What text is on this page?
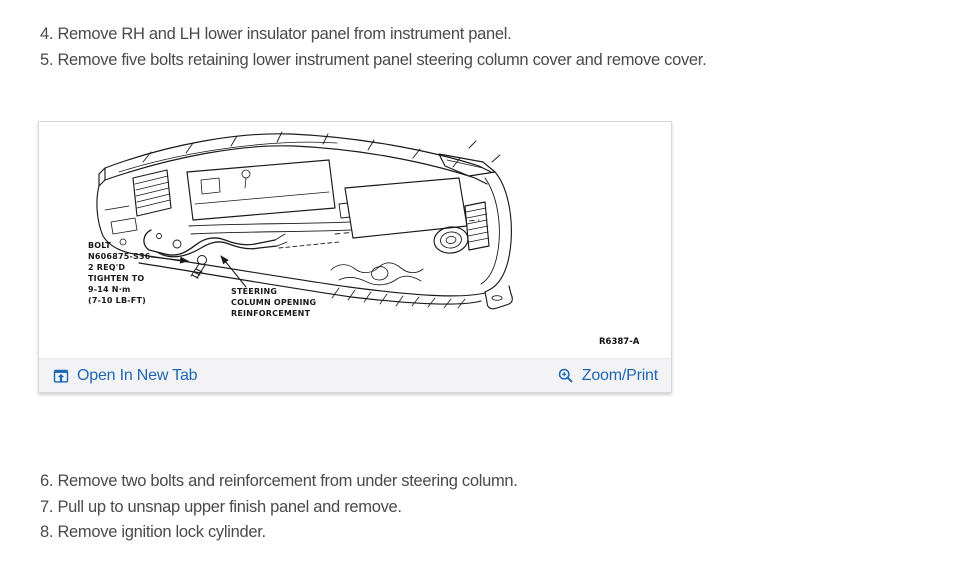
4. Remove RH and LH lower insulator panel from instrument panel.
5. Remove five bolts retaining lower instrument panel steering column cover and remove cover.
BOLT
N606875-S36
2 REQ'D
TIGHTEN TO
9-14 N·m
(7-10 LB-FT)
STEERING
COLUMN OPENING
REINFORCEMENT
R6387-A
Open In New Tab	Zoom/Print
6. Remove two bolts and reinforcement from under steering column.
7. Pull up to unsnap upper finish panel and remove.
8. Remove ignition lock cylinder.
